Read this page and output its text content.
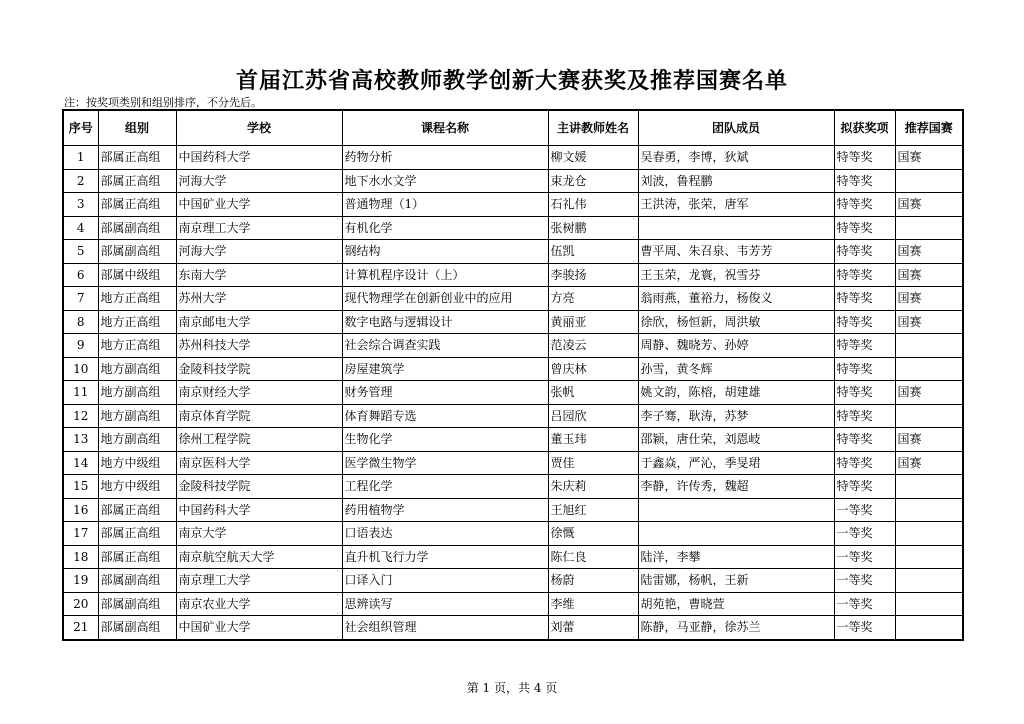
首届江苏省高校教师教学创新大赛获奖及推荐国赛名单
注：按奖项类别和组别排序，不分先后。
序号	组别	学校	课程名称	主讲教师姓名	团队成员	拟获奖项	推荐国赛
1	部属正高组	中国药科大学	药物分析	柳文媛	吴春勇，李博，狄斌	特等奖	国赛
2	部属正高组	河海大学	地下水水文学	束龙仓	刘波，鲁程鹏	特等奖	
3	部属正高组	中国矿业大学	普通物理（1）	石礼伟	王洪涛，张荣，唐军	特等奖	国赛
4	部属副高组	南京理工大学	有机化学	张树鹏		特等奖	
5	部属副高组	河海大学	钢结构	伍凯	曹平周、朱召泉、韦芳芳	特等奖	国赛
6	部属中级组	东南大学	计算机程序设计（上）	李骏扬	王玉荣，龙寰，祝雪芬	特等奖	国赛
7	地方正高组	苏州大学	现代物理学在创新创业中的应用	方亮	翁雨燕，董裕力，杨俊义	特等奖	国赛
8	地方正高组	南京邮电大学	数字电路与逻辑设计	黄丽亚	徐欣，杨恒新，周洪敏	特等奖	国赛
9	地方正高组	苏州科技大学	社会综合调查实践	范凌云	周静、魏晓芳、孙婷	特等奖	
10	地方副高组	金陵科技学院	房屋建筑学	曾庆林	孙雪，黄冬辉	特等奖	
11	地方副高组	南京财经大学	财务管理	张帆	姚文韵，陈榕，胡建雄	特等奖	国赛
12	地方副高组	南京体育学院	体育舞蹈专选	吕园欣	李子骞，耿涛，苏梦	特等奖	
13	地方副高组	徐州工程学院	生物化学	董玉玮	邵颖，唐仕荣，刘恩岐	特等奖	国赛
14	地方中级组	南京医科大学	医学微生物学	贾佳	于鑫焱，严沁，季旻珺	特等奖	国赛
15	地方中级组	金陵科技学院	工程化学	朱庆莉	李静，许传秀，魏超	特等奖	
16	部属正高组	中国药科大学	药用植物学	王旭红		一等奖	
17	部属正高组	南京大学	口语表达	徐慨		一等奖	
18	部属正高组	南京航空航天大学	直升机飞行力学	陈仁良	陆洋，李攀	一等奖	
19	部属副高组	南京理工大学	口译入门	杨蔚	陆雷娜，杨帆，王新	一等奖	
20	部属副高组	南京农业大学	思辨读写	李维	胡苑艳，曹晓萱	一等奖	
21	部属副高组	中国矿业大学	社会组织管理	刘蕾	陈静，马亚静，徐苏兰	一等奖	
第 1 页，共 4 页
